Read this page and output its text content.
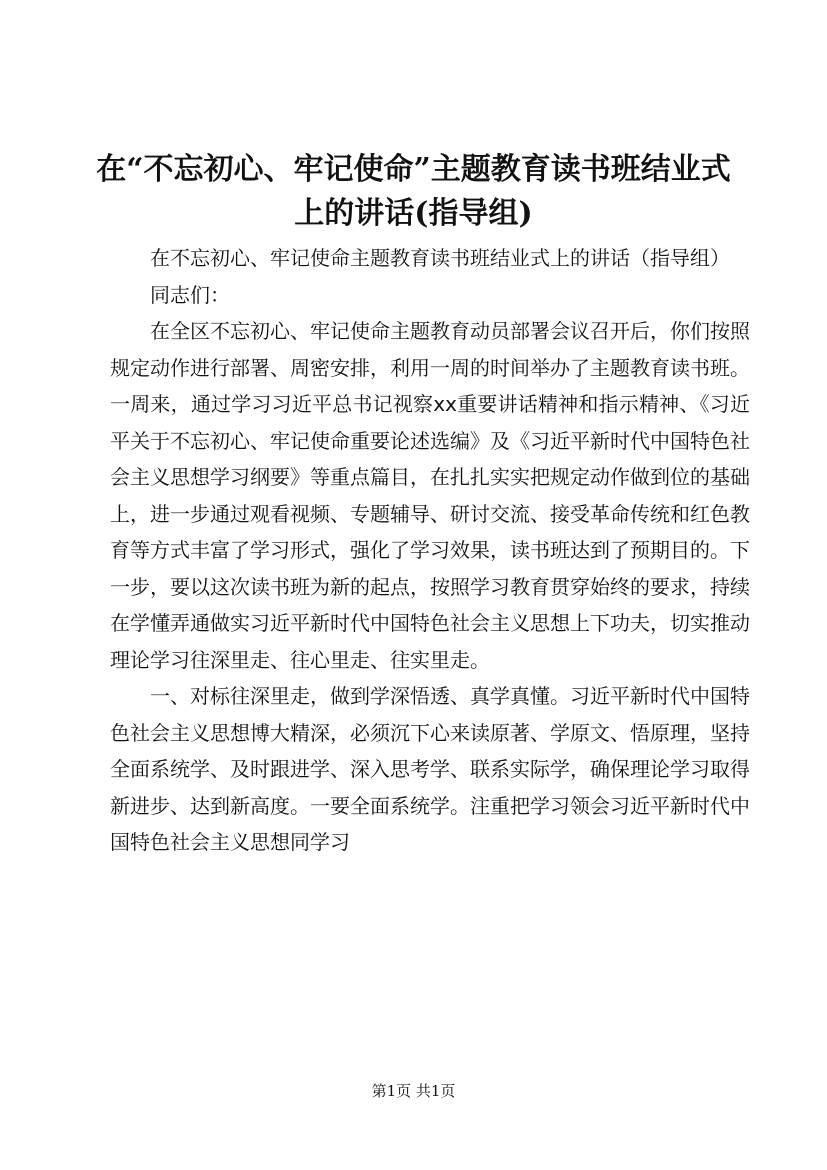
在“不忘初心、牢记使命”主题教育读书班结业式上的讲话(指导组)

在不忘初心、牢记使命主题教育读书班结业式上的讲话（指导组）

同志们：

在全区不忘初心、牢记使命主题教育动员部署会议召开后，你们按照规定动作进行部署、周密安排，利用一周的时间举办了主题教育读书班。一周来，通过学习习近平总书记视察xx重要讲话精神和指示精神、《习近平关于不忘初心、牢记使命重要论述选编》及《习近平新时代中国特色社会主义思想学习纲要》等重点篇目，在扎扎实实把规定动作做到位的基础上，进一步通过观看视频、专题辅导、研讨交流、接受革命传统和红色教育等方式丰富了学习形式，强化了学习效果，读书班达到了预期目的。下一步，要以这次读书班为新的起点，按照学习教育贯穿始终的要求，持续在学懂弄通做实习近平新时代中国特色社会主义思想上下功夫，切实推动理论学习往深里走、往心里走、往实里走。

一、对标往深里走，做到学深悟透、真学真懂。习近平新时代中国特色社会主义思想博大精深，必须沉下心来读原著、学原文、悟原理，坚持全面系统学、及时跟进学、深入思考学、联系实际学，确保理论学习取得新进步、达到新高度。一要全面系统学。注重把学习领会习近平新时代中国特色社会主义思想同学习

第1页 共1页
